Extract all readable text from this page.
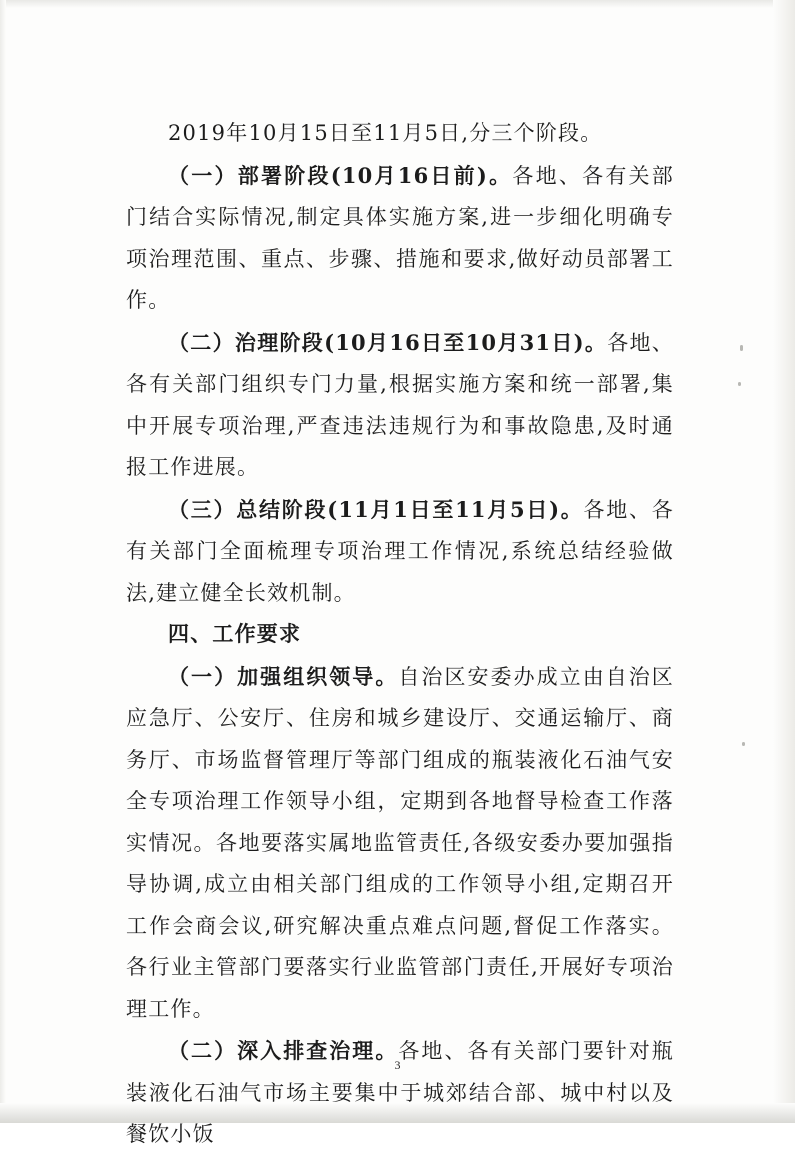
2019年10月15日至11月5日,分三个阶段。

（一）部署阶段(10月16日前)。各地、各有关部门结合实际情况,制定具体实施方案,进一步细化明确专项治理范围、重点、步骤、措施和要求,做好动员部署工作。

（二）治理阶段(10月16日至10月31日)。各地、各有关部门组织专门力量,根据实施方案和统一部署,集中开展专项治理,严查违法违规行为和事故隐患,及时通报工作进展。

（三）总结阶段(11月1日至11月5日)。各地、各有关部门全面梳理专项治理工作情况,系统总结经验做法,建立健全长效机制。

四、工作要求

（一）加强组织领导。自治区安委办成立由自治区应急厅、公安厅、住房和城乡建设厅、交通运输厅、商务厅、市场监督管理厅等部门组成的瓶装液化石油气安全专项治理工作领导小组，定期到各地督导检查工作落实情况。各地要落实属地监管责任,各级安委办要加强指导协调,成立由相关部门组成的工作领导小组,定期召开工作会商会议,研究解决重点难点问题,督促工作落实。各行业主管部门要落实行业监管部门责任,开展好专项治理工作。

（二）深入排查治理。各地、各有关部门要针对瓶装液化石油气市场主要集中于城郊结合部、城中村以及餐饮小饭

3
